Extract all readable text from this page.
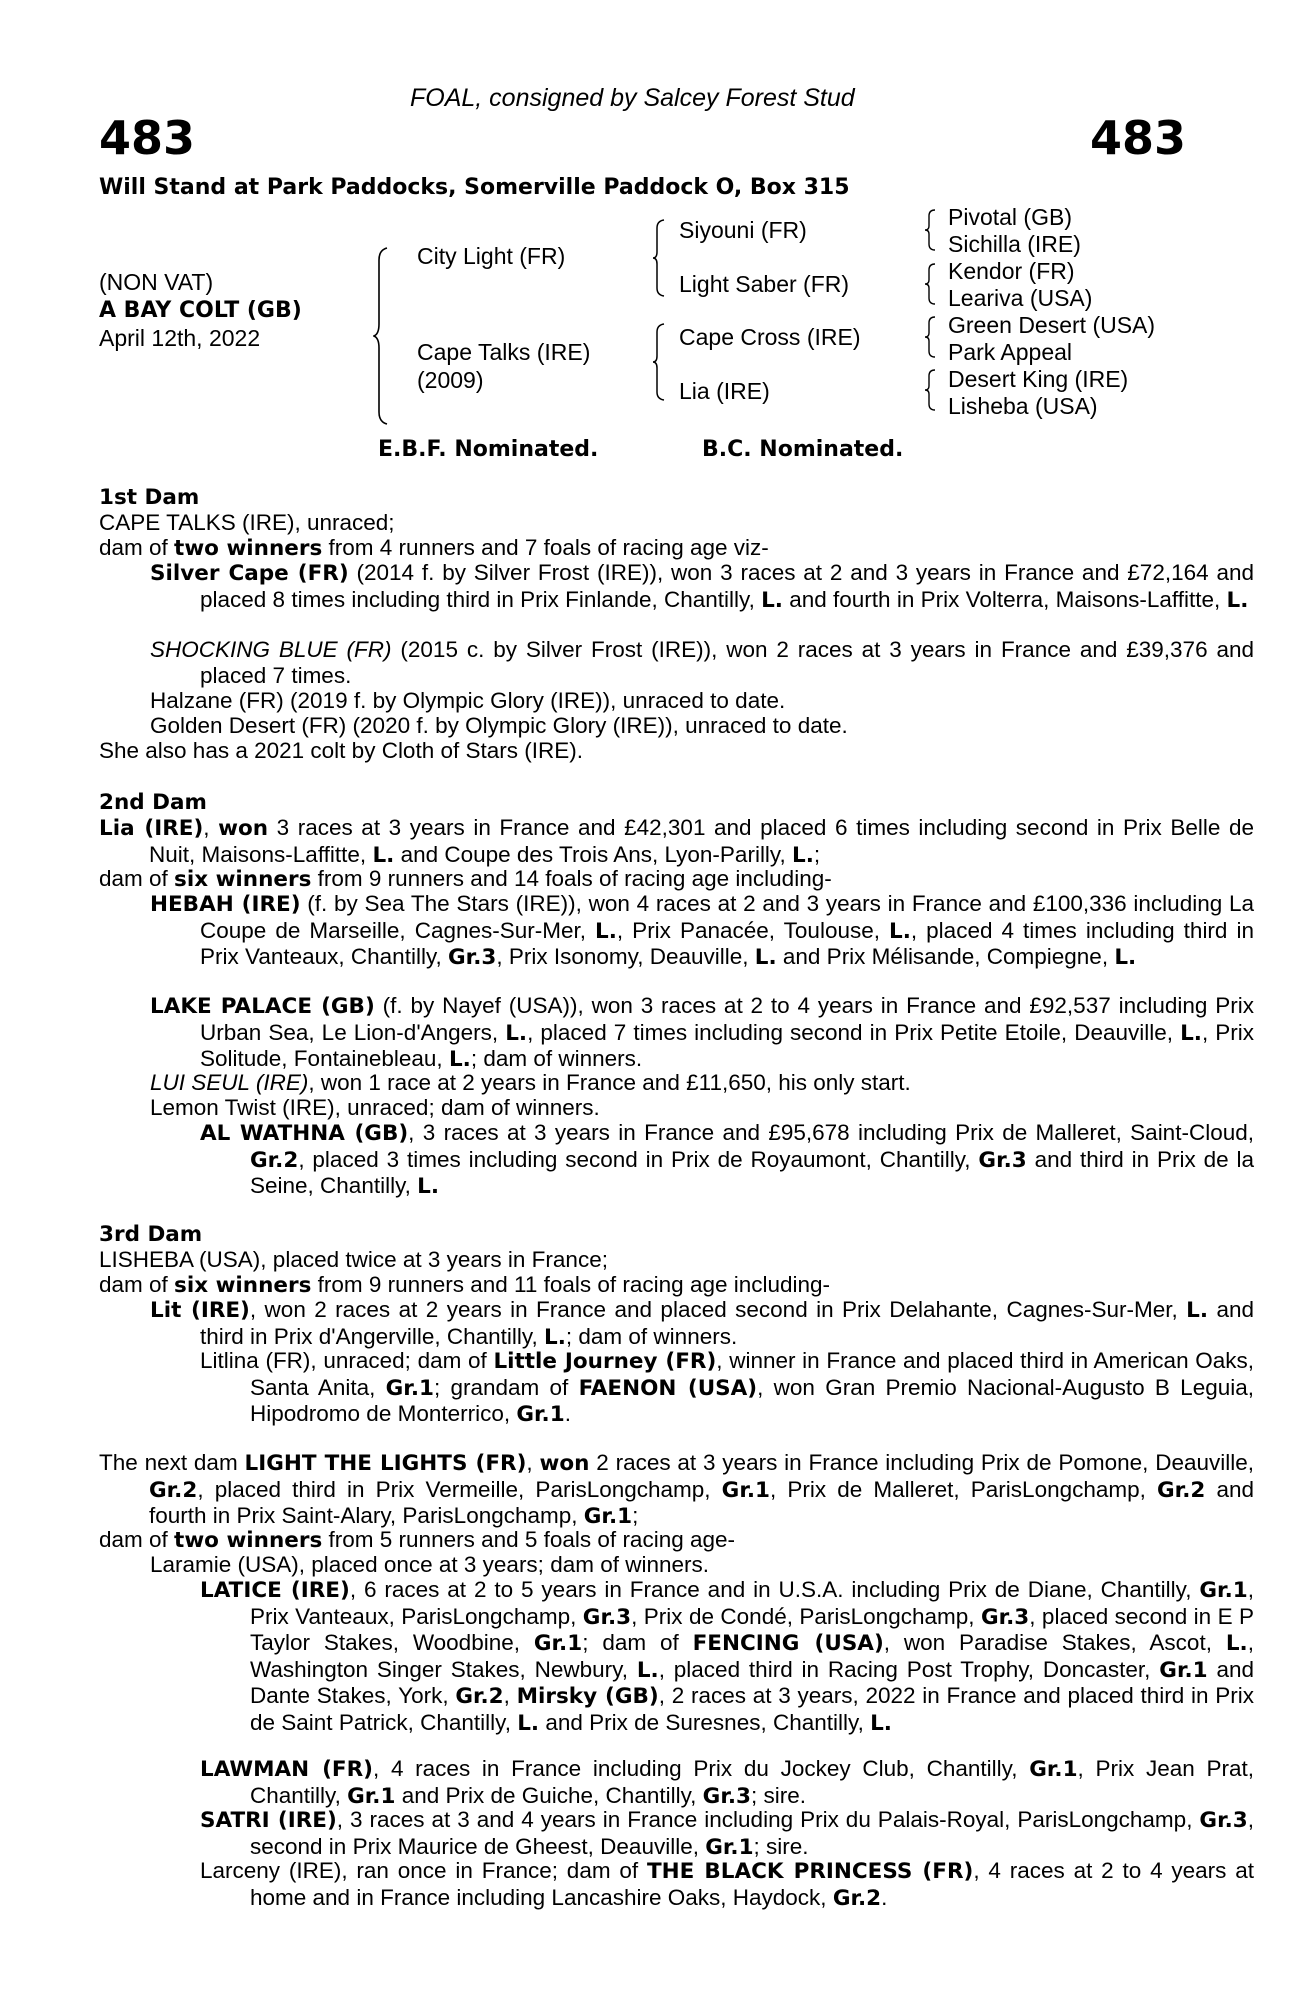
FOAL, consigned by Salcey Forest Stud
483	483
Will Stand at Park Paddocks, Somerville Paddock O, Box 315
(NON VAT)
A BAY COLT (GB)
April 12th, 2022
City Light (FR)
Cape Talks (IRE)
(2009)
Siyouni (FR)
Light Saber (FR)
Cape Cross (IRE)
Lia (IRE)
Pivotal (GB)
Sichilla (IRE)
Kendor (FR)
Leariva (USA)
Green Desert (USA)
Park Appeal
Desert King (IRE)
Lisheba (USA)
E.B.F. Nominated.	B.C. Nominated.
1st Dam
CAPE TALKS (IRE), unraced;
dam of two winners from 4 runners and 7 foals of racing age viz-
Silver Cape (FR) (2014 f. by Silver Frost (IRE)), won 3 races at 2 and 3 years in France and £72,164 and placed 8 times including third in Prix Finlande, Chantilly, L. and fourth in Prix Volterra, Maisons-Laffitte, L.
SHOCKING BLUE (FR) (2015 c. by Silver Frost (IRE)), won 2 races at 3 years in France and £39,376 and placed 7 times.
Halzane (FR) (2019 f. by Olympic Glory (IRE)), unraced to date.
Golden Desert (FR) (2020 f. by Olympic Glory (IRE)), unraced to date.
She also has a 2021 colt by Cloth of Stars (IRE).
2nd Dam
Lia (IRE), won 3 races at 3 years in France and £42,301 and placed 6 times including second in Prix Belle de Nuit, Maisons-Laffitte, L. and Coupe des Trois Ans, Lyon-Parilly, L.;
dam of six winners from 9 runners and 14 foals of racing age including-
HEBAH (IRE) (f. by Sea The Stars (IRE)), won 4 races at 2 and 3 years in France and £100,336 including La Coupe de Marseille, Cagnes-Sur-Mer, L., Prix Panacée, Toulouse, L., placed 4 times including third in Prix Vanteaux, Chantilly, Gr.3, Prix Isonomy, Deauville, L. and Prix Mélisande, Compiegne, L.
LAKE PALACE (GB) (f. by Nayef (USA)), won 3 races at 2 to 4 years in France and £92,537 including Prix Urban Sea, Le Lion-d'Angers, L., placed 7 times including second in Prix Petite Etoile, Deauville, L., Prix Solitude, Fontainebleau, L.; dam of winners.
LUI SEUL (IRE), won 1 race at 2 years in France and £11,650, his only start.
Lemon Twist (IRE), unraced; dam of winners.
AL WATHNA (GB), 3 races at 3 years in France and £95,678 including Prix de Malleret, Saint-Cloud, Gr.2, placed 3 times including second in Prix de Royaumont, Chantilly, Gr.3 and third in Prix de la Seine, Chantilly, L.
3rd Dam
LISHEBA (USA), placed twice at 3 years in France;
dam of six winners from 9 runners and 11 foals of racing age including-
Lit (IRE), won 2 races at 2 years in France and placed second in Prix Delahante, Cagnes-Sur-Mer, L. and third in Prix d'Angerville, Chantilly, L.; dam of winners.
Litlina (FR), unraced; dam of Little Journey (FR), winner in France and placed third in American Oaks, Santa Anita, Gr.1; grandam of FAENON (USA), won Gran Premio Nacional-Augusto B Leguia, Hipodromo de Monterrico, Gr.1.
The next dam LIGHT THE LIGHTS (FR), won 2 races at 3 years in France including Prix de Pomone, Deauville, Gr.2, placed third in Prix Vermeille, ParisLongchamp, Gr.1, Prix de Malleret, ParisLongchamp, Gr.2 and fourth in Prix Saint-Alary, ParisLongchamp, Gr.1;
dam of two winners from 5 runners and 5 foals of racing age-
Laramie (USA), placed once at 3 years; dam of winners.
LATICE (IRE), 6 races at 2 to 5 years in France and in U.S.A. including Prix de Diane, Chantilly, Gr.1, Prix Vanteaux, ParisLongchamp, Gr.3, Prix de Condé, ParisLongchamp, Gr.3, placed second in E P Taylor Stakes, Woodbine, Gr.1; dam of FENCING (USA), won Paradise Stakes, Ascot, L., Washington Singer Stakes, Newbury, L., placed third in Racing Post Trophy, Doncaster, Gr.1 and Dante Stakes, York, Gr.2, Mirsky (GB), 2 races at 3 years, 2022 in France and placed third in Prix de Saint Patrick, Chantilly, L. and Prix de Suresnes, Chantilly, L.
LAWMAN (FR), 4 races in France including Prix du Jockey Club, Chantilly, Gr.1, Prix Jean Prat, Chantilly, Gr.1 and Prix de Guiche, Chantilly, Gr.3; sire.
SATRI (IRE), 3 races at 3 and 4 years in France including Prix du Palais-Royal, ParisLongchamp, Gr.3, second in Prix Maurice de Gheest, Deauville, Gr.1; sire.
Larceny (IRE), ran once in France; dam of THE BLACK PRINCESS (FR), 4 races at 2 to 4 years at home and in France including Lancashire Oaks, Haydock, Gr.2.
